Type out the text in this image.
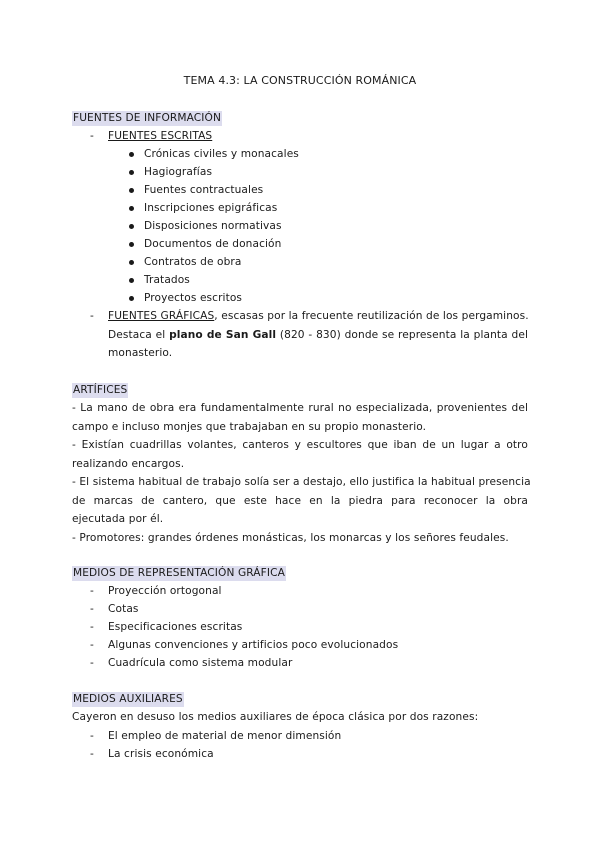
TEMA 4.3: LA CONSTRUCCIÓN ROMÁNICA
FUENTES DE INFORMACIÓN
- FUENTES ESCRITAS
Crónicas civiles y monacales
Hagiografías
Fuentes contractuales
Inscripciones epigráficas
Disposiciones normativas
Documentos de donación
Contratos de obra
Tratados
Proyectos escritos
- FUENTES GRÁFICAS, escasas por la frecuente reutilización de los pergaminos.
Destaca el plano de San Gall (820 - 830) donde se representa la planta del
monasterio.
ARTÍFICES
- La mano de obra era fundamentalmente rural no especializada, provenientes del
campo e incluso monjes que trabajaban en su propio monasterio.
- Existían cuadrillas volantes, canteros y escultores que iban de un lugar a otro
realizando encargos.
- El sistema habitual de trabajo solía ser a destajo, ello justifica la habitual presencia
de marcas de cantero, que este hace en la piedra para reconocer la obra
ejecutada por él.
- Promotores: grandes órdenes monásticas, los monarcas y los señores feudales.
MEDIOS DE REPRESENTACIÓN GRÁFICA
- Proyección ortogonal
- Cotas
- Especificaciones escritas
- Algunas convenciones y artificios poco evolucionados
- Cuadrícula como sistema modular
MEDIOS AUXILIARES
Cayeron en desuso los medios auxiliares de época clásica por dos razones:
- El empleo de material de menor dimensión
- La crisis económica
